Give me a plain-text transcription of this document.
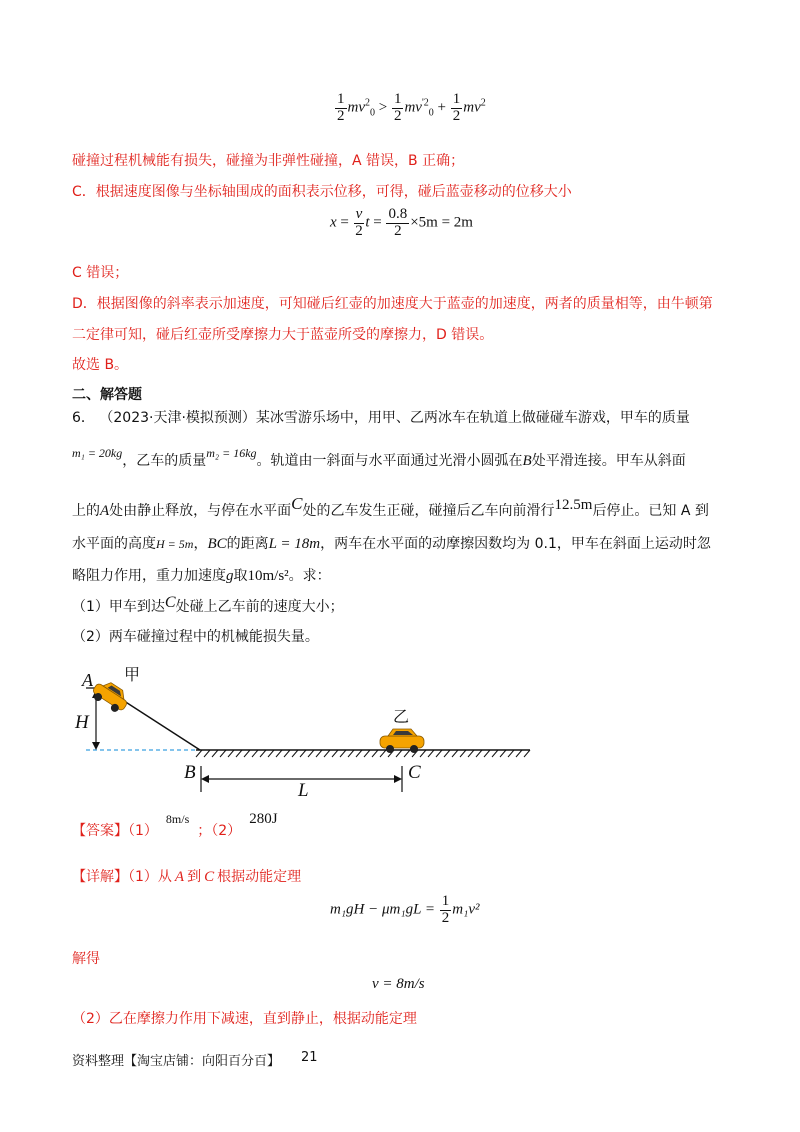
$\frac{1}{2} mv^2_0 > \frac{1}{2} mv^{'2}_0 + \frac{1}{2} mv^2$
碰撞过程机械能有损失，碰撞为非弹性碰撞，A 错误，B 正确；
C．根据速度图像与坐标轴围成的面积表示位移，可得，碰后蓝壶移动的位移大小
$x = \frac{v}{2}$ $t = \frac{0.8}{2} \times 5m = 2m$
C 错误；
D．根据图像的斜率表示加速度，可知碰后红壶的加速度大于蓝壶的加速度，两者的质量相等，由牛顿第
二定律可知，碰后红壶所受摩擦力大于蓝壶所受的摩擦力，D 错误。
故选 B。
二、解答题
6． （2023·天津·模拟预测）某冰雪游乐场中，用甲、乙两冰车在轨道上做碰碰车游戏，甲车的质量
m₁ = 20kg，乙车的质量m₂ = 16kg。轨道由一斜面与水平面通过光滑小圆弧在B处平滑连接。甲车从斜面
上的A处由静止释放，与停在水平面C处的乙车发生正碰，碰撞后乙车向前滑行12.5m后停止。已知 A 到
水平面的高度H = 5m，BC的距离L = 18m，两车在水平面的动摩擦因数均为 0.1，甲车在斜面上运动时忽
略阻力作用，重力加速度g取10m/s²。求：
（1）甲车到达C处碰上乙车前的速度大小；
（2）两车碰撞过程中的机械能损失量。
A
H
甲
乙
B	C
L
【答案】（1）8m/s；（2）280J
【详解】（1）从 A 到 C 根据动能定理
$m_1gH - \mu m_1gL = \frac{1}{2} m_1v^2$
解得
v = 8m/s
（2）乙在摩擦力作用下减速，直到静止，根据动能定理
资料整理【淘宝店铺：向阳百分百】 21
